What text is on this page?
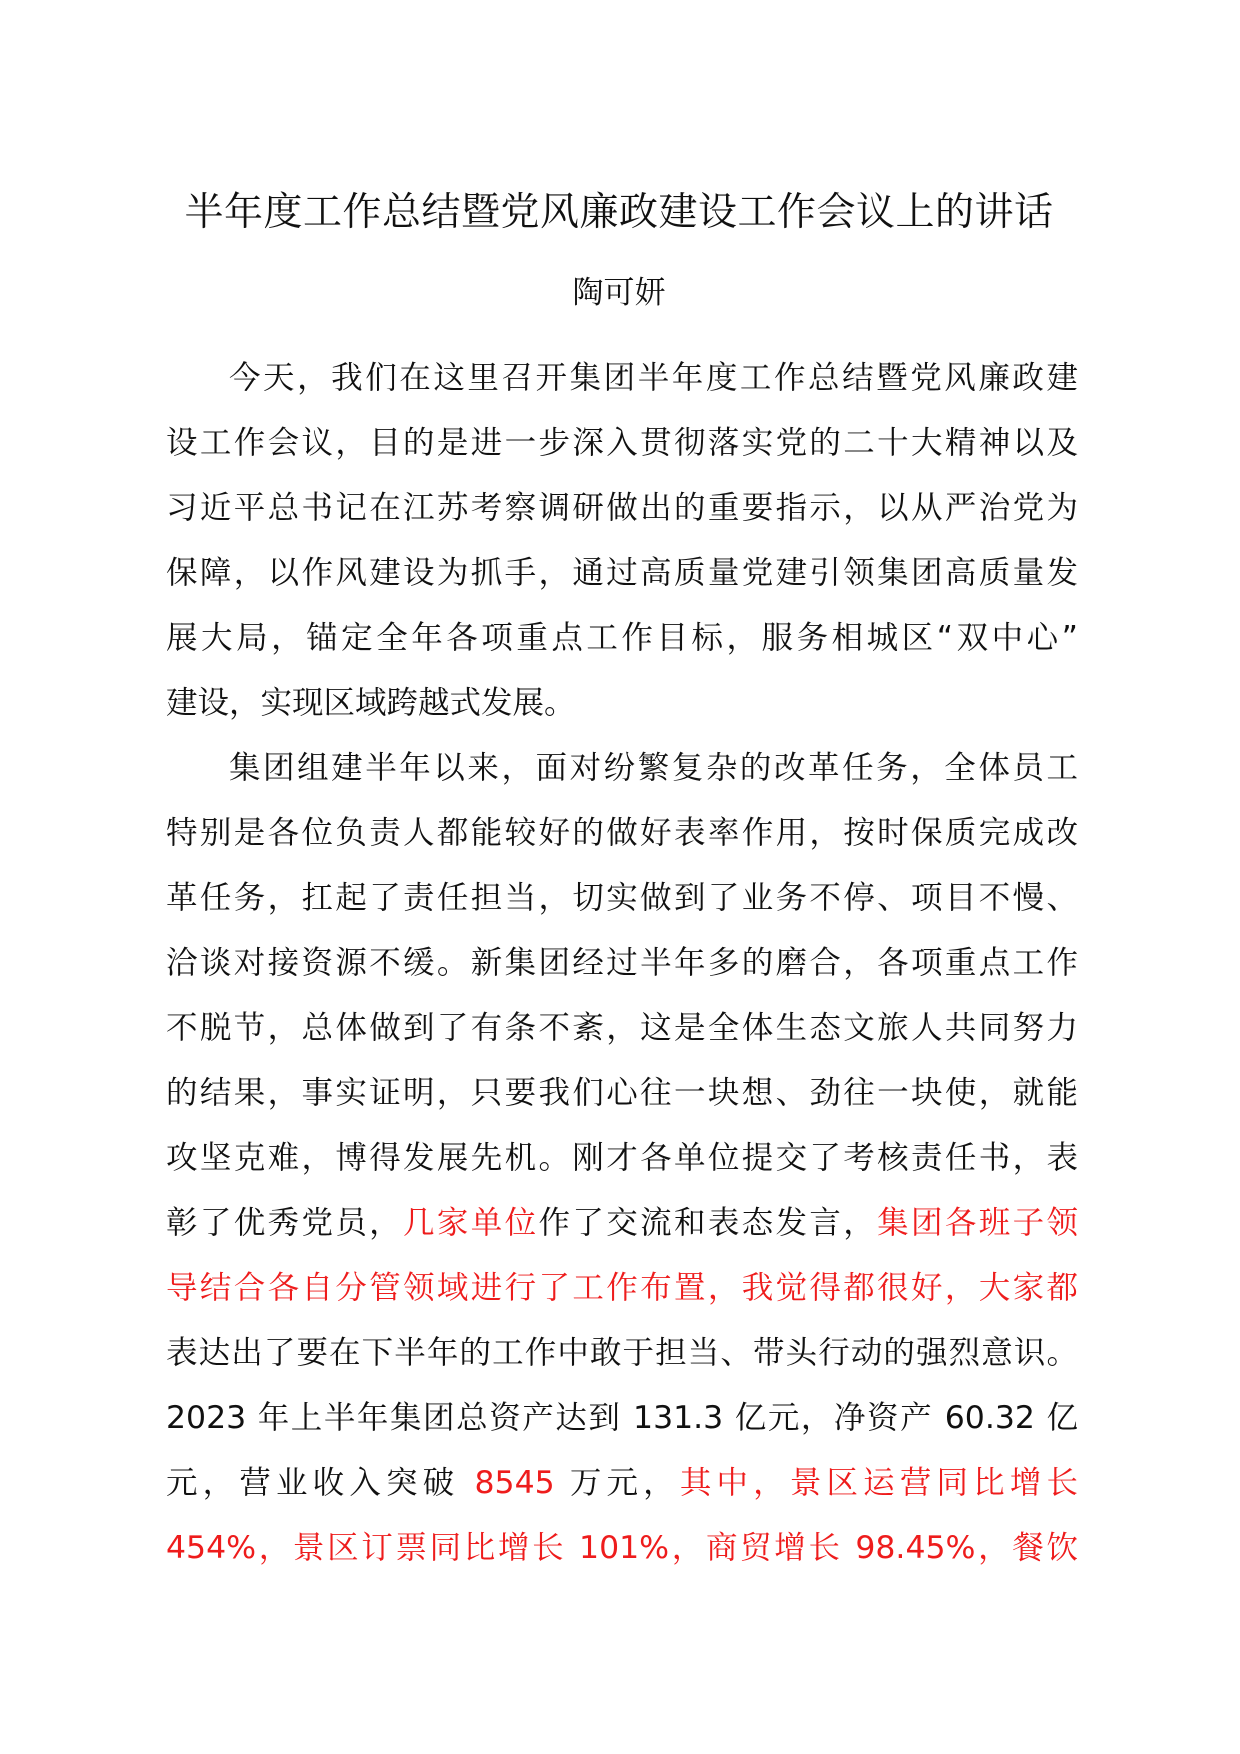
半年度工作总结暨党风廉政建设工作会议上的讲话
陶可妍
今天，我们在这里召开集团半年度工作总结暨党风廉政建
设工作会议，目的是进一步深入贯彻落实党的二十大精神以及
习近平总书记在江苏考察调研做出的重要指示，以从严治党为
保障，以作风建设为抓手，通过高质量党建引领集团高质量发
展大局，锚定全年各项重点工作目标，服务相城区“双中心”
建设，实现区域跨越式发展。
集团组建半年以来，面对纷繁复杂的改革任务，全体员工
特别是各位负责人都能较好的做好表率作用，按时保质完成改
革任务，扛起了责任担当，切实做到了业务不停、项目不慢、
洽谈对接资源不缓。新集团经过半年多的磨合，各项重点工作
不脱节，总体做到了有条不紊，这是全体生态文旅人共同努力
的结果，事实证明，只要我们心往一块想、劲往一块使，就能
攻坚克难，博得发展先机。刚才各单位提交了考核责任书，表
彰了优秀党员，几家单位作了交流和表态发言，集团各班子领
导结合各自分管领域进行了工作布置，我觉得都很好，大家都
表达出了要在下半年的工作中敢于担当、带头行动的强烈意识。
2023 年上半年集团总资产达到 131.3 亿元，净资产 60.32 亿
元，营业收入突破 8545 万元，其中，景区运营同比增长
454%，景区订票同比增长 101%，商贸增长 98.45%，餐饮
